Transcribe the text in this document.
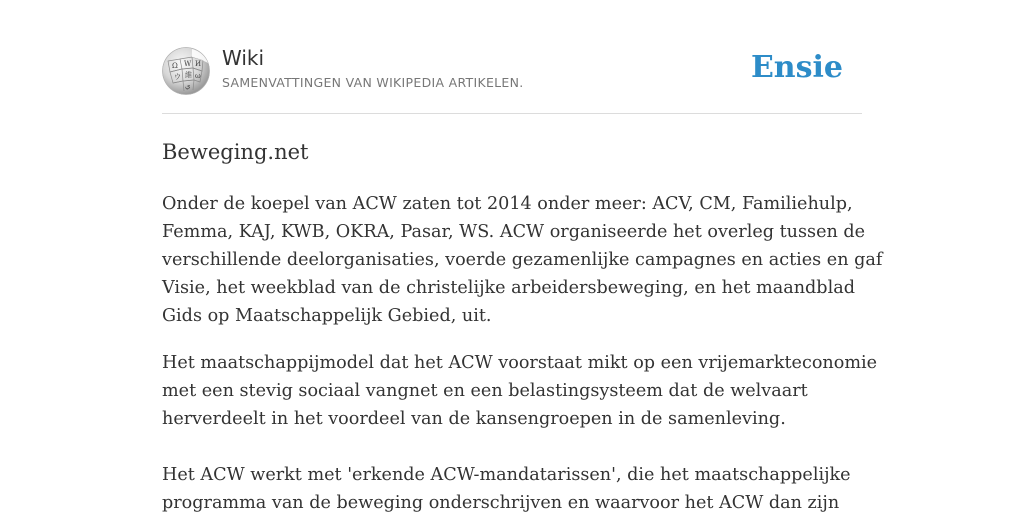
Ω W И
ウ 維 ω
ي
Wiki
SAMENVATTINGEN VAN WIKIPEDIA ARTIKELEN.	Ensie
Beweging.net

Onder de koepel van ACW zaten tot 2014 onder meer: ACV, CM, Familiehulp,
Femma, KAJ, KWB, OKRA, Pasar, WS. ACW organiseerde het overleg tussen de
verschillende deelorganisaties, voerde gezamenlijke campagnes en acties en gaf
Visie, het weekblad van de christelijke arbeidersbeweging, en het maandblad
Gids op Maatschappelijk Gebied, uit.

Het maatschappijmodel dat het ACW voorstaat mikt op een vrijemarkteconomie
met een stevig sociaal vangnet en een belastingsysteem dat de welvaart
herverdeelt in het voordeel van de kansengroepen in de samenleving.

Het ACW werkt met 'erkende ACW-mandatarissen', die het maatschappelijke
programma van de beweging onderschrijven en waarvoor het ACW dan zijn
